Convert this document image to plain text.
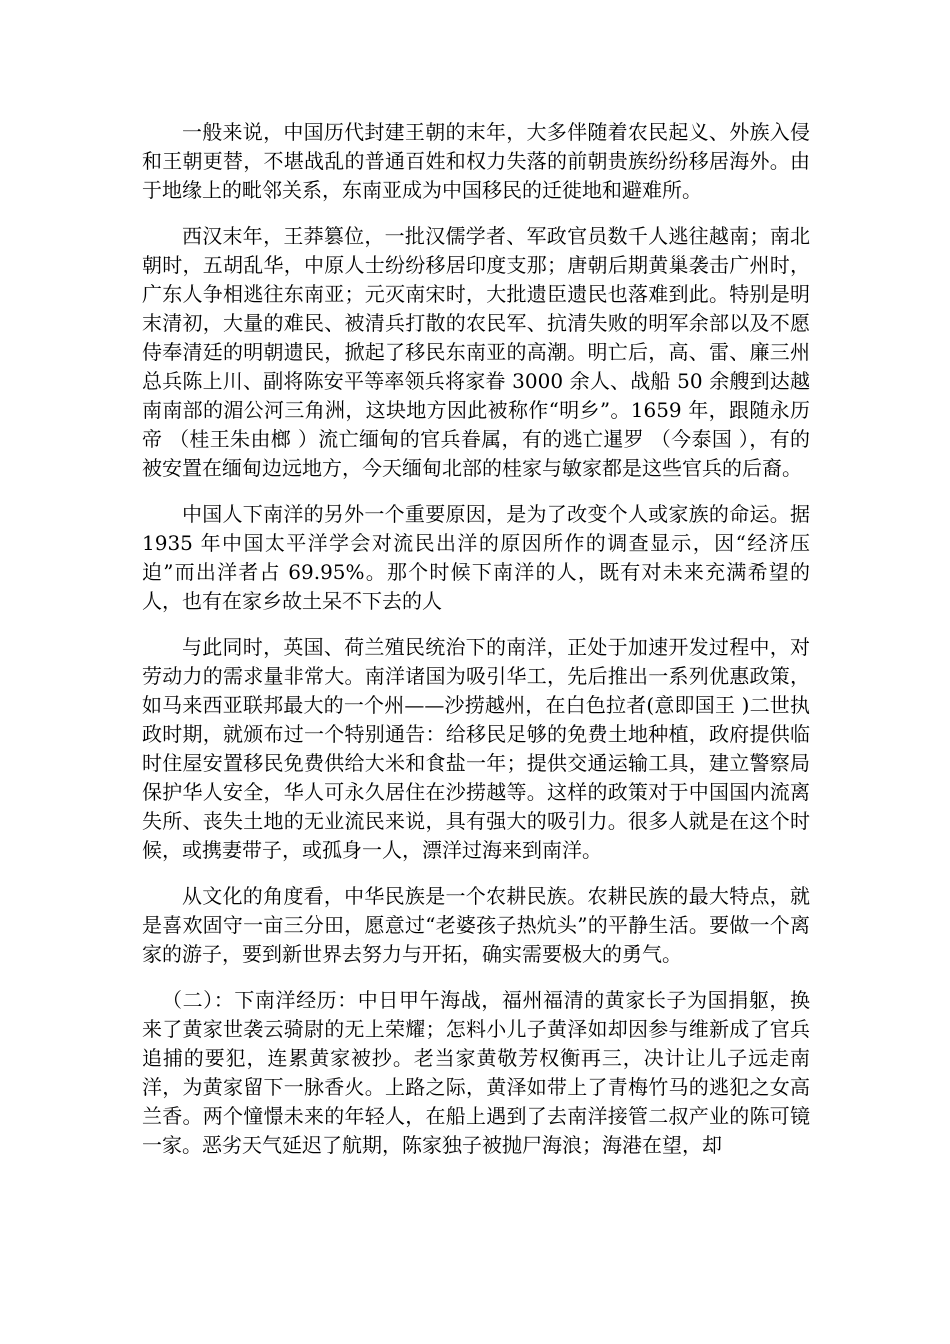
一般来说，中国历代封建王朝的末年，大多伴随着农民起义、外族入侵和王朝更替，不堪战乱的普通百姓和权力失落的前朝贵族纷纷移居海外。由于地缘上的毗邻关系，东南亚成为中国移民的迁徙地和避难所。

西汉末年，王莽篡位，一批汉儒学者、军政官员数千人逃往越南；南北朝时，五胡乱华，中原人士纷纷移居印度支那；唐朝后期黄巢袭击广州时，广东人争相逃往东南亚；元灭南宋时，大批遗臣遗民也落难到此。特别是明末清初，大量的难民、被清兵打散的农民军、抗清失败的明军余部以及不愿侍奉清廷的明朝遗民，掀起了移民东南亚的高潮。明亡后，高、雷、廉三州总兵陈上川、副将陈安平等率领兵将家眷 3000 余人、战船 50 余艘到达越南南部的湄公河三角洲，这块地方因此被称作“明乡”。1659 年，跟随永历帝 （桂王朱由榔 ）流亡缅甸的官兵眷属，有的逃亡暹罗 （今泰国 ），有的被安置在缅甸边远地方，今天缅甸北部的桂家与敏家都是这些官兵的后裔。

中国人下南洋的另外一个重要原因，是为了改变个人或家族的命运。据 1935 年中国太平洋学会对流民出洋的原因所作的调查显示，因“经济压迫”而出洋者占 69.95%。那个时候下南洋的人，既有对未来充满希望的人，也有在家乡故土呆不下去的人

与此同时，英国、荷兰殖民统治下的南洋，正处于加速开发过程中，对劳动力的需求量非常大。南洋诸国为吸引华工，先后推出一系列优惠政策， 如马来西亚联邦最大的一个州——沙捞越州，在白色拉者(意即国王 )二世执政时期，就颁布过一个特别通告：给移民足够的免费土地种植，政府提供临时住屋安置移民免费供给大米和食盐一年；提供交通运输工具，建立警察局保护华人安全，华人可永久居住在沙捞越等。这样的政策对于中国国内流离失所、丧失土地的无业流民来说，具有强大的吸引力。很多人就是在这个时候，或携妻带子，或孤身一人，漂洋过海来到南洋。

从文化的角度看，中华民族是一个农耕民族。农耕民族的最大特点，就是喜欢固守一亩三分田，愿意过“老婆孩子热炕头”的平静生活。要做一个离家的游子，要到新世界去努力与开拓，确实需要极大的勇气。

（二）：下南洋经历：中日甲午海战，福州福清的黄家长子为国捐躯，换来了黄家世袭云骑尉的无上荣耀；怎料小儿子黄泽如却因参与维新成了官兵追捕的要犯，连累黄家被抄。老当家黄敬芳权衡再三，决计让儿子远走南洋，为黄家留下一脉香火。上路之际，黄泽如带上了青梅竹马的逃犯之女高兰香。两个憧憬未来的年轻人，在船上遇到了去南洋接管二叔产业的陈可镜一家。恶劣天气延迟了航期，陈家独子被抛尸海浪；海港在望，却
